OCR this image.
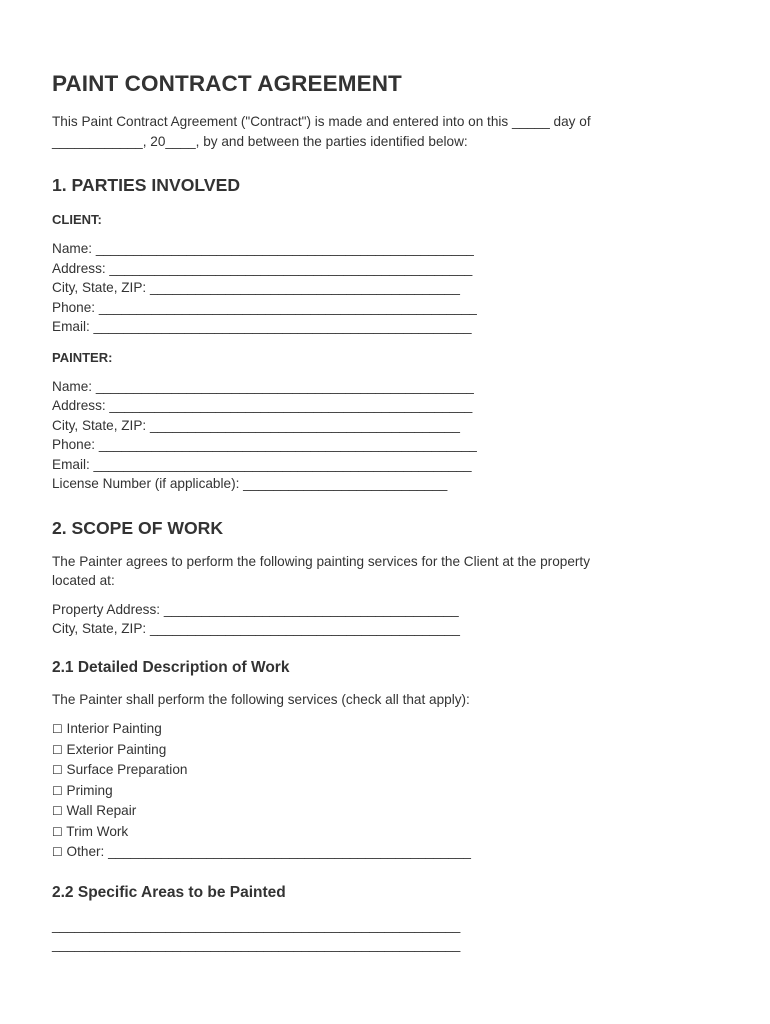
PAINT CONTRACT AGREEMENT
This Paint Contract Agreement ("Contract") is made and entered into on this _____ day of
____________, 20____, by and between the parties identified below:
1. PARTIES INVOLVED
CLIENT:
Name: __________________________________________________
Address: ________________________________________________
City, State, ZIP: _________________________________________
Phone: __________________________________________________
Email: __________________________________________________
PAINTER:
Name: __________________________________________________
Address: ________________________________________________
City, State, ZIP: _________________________________________
Phone: __________________________________________________
Email: __________________________________________________
License Number (if applicable): ___________________________
2. SCOPE OF WORK
The Painter agrees to perform the following painting services for the Client at the property
located at:
Property Address: _______________________________________
City, State, ZIP: _________________________________________
2.1 Detailed Description of Work
The Painter shall perform the following services (check all that apply):
☐ Interior Painting
☐ Exterior Painting
☐ Surface Preparation
☐ Priming
☐ Wall Repair
☐ Trim Work
☐ Other: ________________________________________________
2.2 Specific Areas to be Painted
______________________________________________________
______________________________________________________
